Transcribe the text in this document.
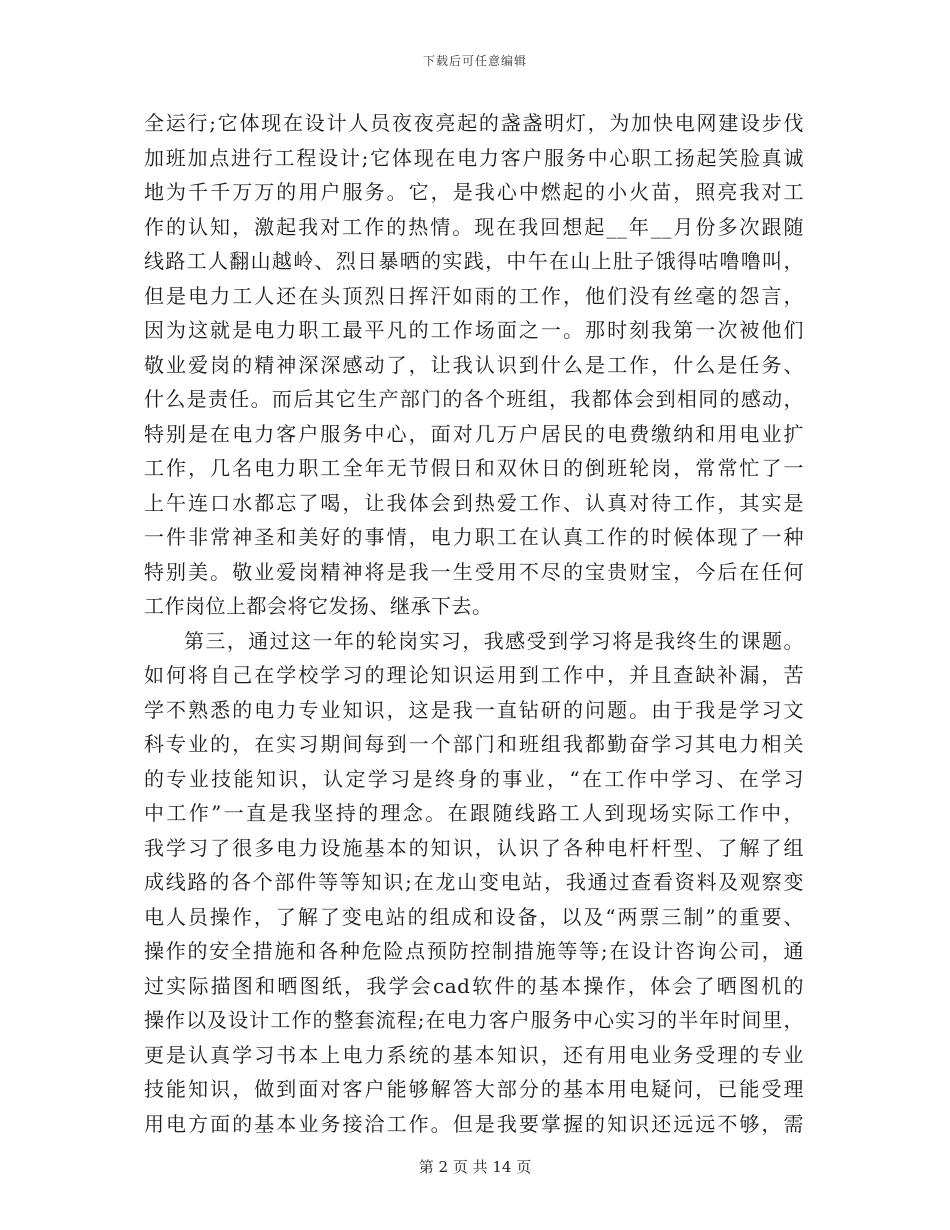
下载后可任意编辑
全运行;它体现在设计人员夜夜亮起的盏盏明灯，为加快电网建设步伐
加班加点进行工程设计;它体现在电力客户服务中心职工扬起笑脸真诚
地为千千万万的用户服务。它，是我心中燃起的小火苗，照亮我对工
作的认知，激起我对工作的热情。现在我回想起__年__月份多次跟随
线路工人翻山越岭、烈日暴晒的实践，中午在山上肚子饿得咕噜噜叫，
但是电力工人还在头顶烈日挥汗如雨的工作，他们没有丝毫的怨言，
因为这就是电力职工最平凡的工作场面之一。那时刻我第一次被他们
敬业爱岗的精神深深感动了，让我认识到什么是工作，什么是任务、
什么是责任。而后其它生产部门的各个班组，我都体会到相同的感动，
特别是在电力客户服务中心，面对几万户居民的电费缴纳和用电业扩
工作，几名电力职工全年无节假日和双休日的倒班轮岗，常常忙了一
上午连口水都忘了喝，让我体会到热爱工作、认真对待工作，其实是
一件非常神圣和美好的事情，电力职工在认真工作的时候体现了一种
特别美。敬业爱岗精神将是我一生受用不尽的宝贵财宝，今后在任何
工作岗位上都会将它发扬、继承下去。
第三，通过这一年的轮岗实习，我感受到学习将是我终生的课题。
如何将自己在学校学习的理论知识运用到工作中，并且查缺补漏，苦
学不熟悉的电力专业知识，这是我一直钻研的问题。由于我是学习文
科专业的，在实习期间每到一个部门和班组我都勤奋学习其电力相关
的专业技能知识，认定学习是终身的事业，“在工作中学习、在学习
中工作”一直是我坚持的理念。在跟随线路工人到现场实际工作中，
我学习了很多电力设施基本的知识，认识了各种电杆杆型、了解了组
成线路的各个部件等等知识;在龙山变电站，我通过查看资料及观察变
电人员操作，了解了变电站的组成和设备，以及“两票三制”的重要、
操作的安全措施和各种危险点预防控制措施等等;在设计咨询公司，通
过实际描图和晒图纸，我学会cad软件的基本操作，体会了晒图机的
操作以及设计工作的整套流程;在电力客户服务中心实习的半年时间里，
更是认真学习书本上电力系统的基本知识，还有用电业务受理的专业
技能知识，做到面对客户能够解答大部分的基本用电疑问，已能受理
用电方面的基本业务接洽工作。但是我要掌握的知识还远远不够，需
第 2 页 共 14 页
